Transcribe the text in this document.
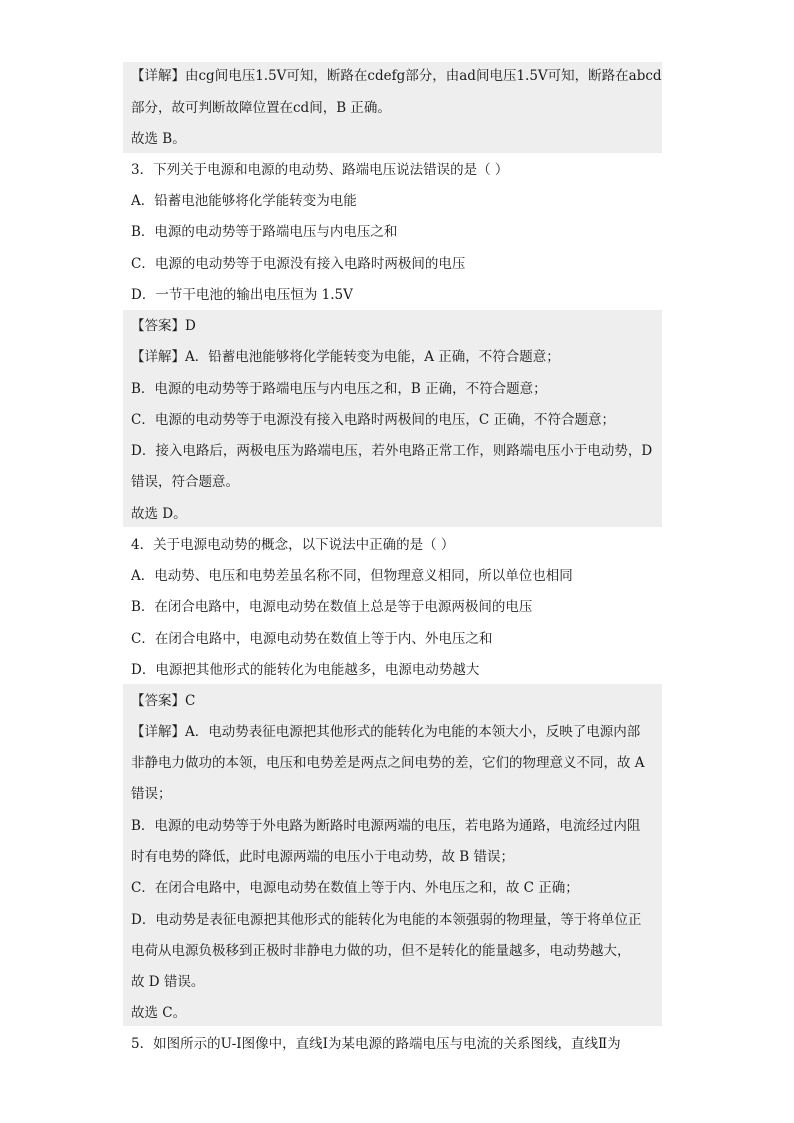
【详解】由cg间电压1.5V可知，断路在cdefg部分，由ad间电压1.5V可知，断路在abcd
部分，故可判断故障位置在cd间，B 正确。
故选 B。
3．下列关于电源和电源的电动势、路端电压说法错误的是（ ）
A．铅蓄电池能够将化学能转变为电能
B．电源的电动势等于路端电压与内电压之和
C．电源的电动势等于电源没有接入电路时两极间的电压
D．一节干电池的输出电压恒为 1.5V
【答案】D
【详解】A．铅蓄电池能够将化学能转变为电能，A 正确，不符合题意；
B．电源的电动势等于路端电压与内电压之和，B 正确，不符合题意；
C．电源的电动势等于电源没有接入电路时两极间的电压，C 正确，不符合题意；
D．接入电路后，两极电压为路端电压，若外电路正常工作，则路端电压小于电动势，D
错误，符合题意。
故选 D。
4．关于电源电动势的概念，以下说法中正确的是（ ）
A．电动势、电压和电势差虽名称不同，但物理意义相同，所以单位也相同
B．在闭合电路中，电源电动势在数值上总是等于电源两极间的电压
C．在闭合电路中，电源电动势在数值上等于内、外电压之和
D．电源把其他形式的能转化为电能越多，电源电动势越大
【答案】C
【详解】A．电动势表征电源把其他形式的能转化为电能的本领大小，反映了电源内部
非静电力做功的本领，电压和电势差是两点之间电势的差，它们的物理意义不同，故 A
错误；
B．电源的电动势等于外电路为断路时电源两端的电压，若电路为通路，电流经过内阻
时有电势的降低，此时电源两端的电压小于电动势，故 B 错误；
C．在闭合电路中，电源电动势在数值上等于内、外电压之和，故 C 正确；
D．电动势是表征电源把其他形式的能转化为电能的本领强弱的物理量，等于将单位正
电荷从电源负极移到正极时非静电力做的功，但不是转化的能量越多，电动势越大，
故 D 错误。
故选 C。
5．如图所示的U-I图像中，直线Ⅰ为某电源的路端电压与电流的关系图线，直线Ⅱ为
